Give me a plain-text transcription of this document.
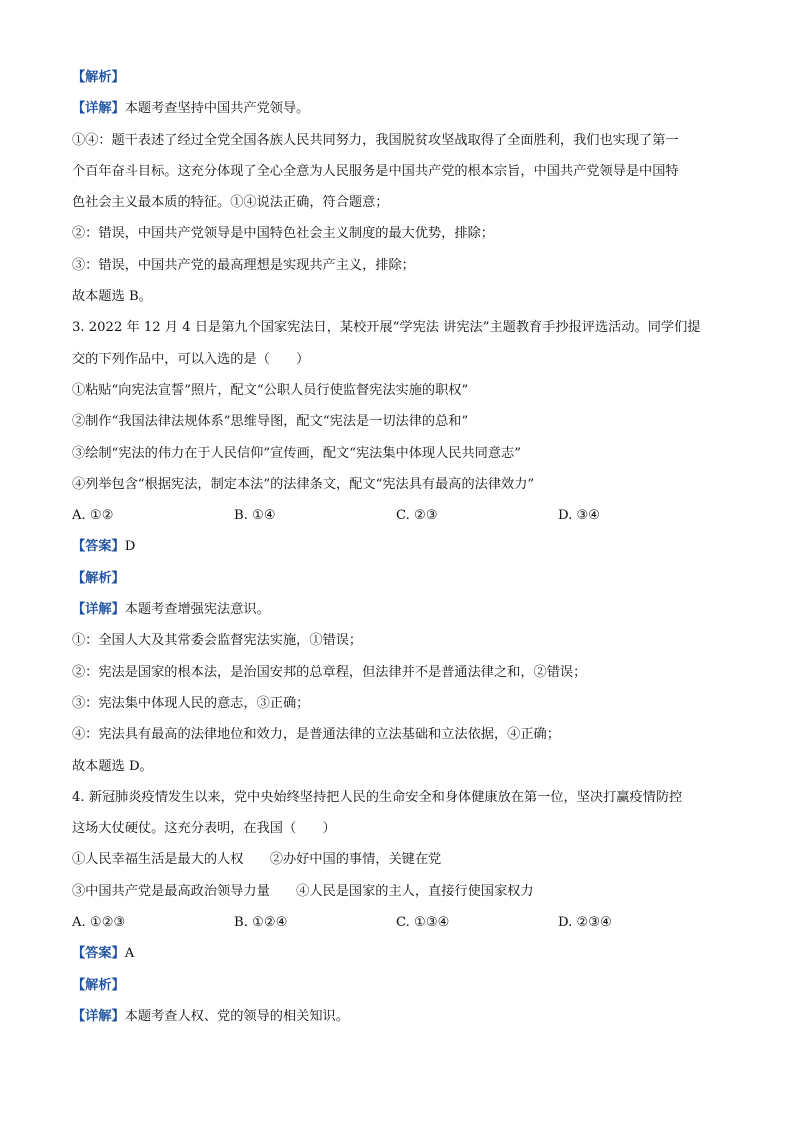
【解析】
【详解】本题考查坚持中国共产党领导。
①④：题干表述了经过全党全国各族人民共同努力，我国脱贫攻坚战取得了全面胜利，我们也实现了第一
个百年奋斗目标。这充分体现了全心全意为人民服务是中国共产党的根本宗旨，中国共产党领导是中国特
色社会主义最本质的特征。①④说法正确，符合题意；
②：错误，中国共产党领导是中国特色社会主义制度的最大优势，排除；
③：错误，中国共产党的最高理想是实现共产主义，排除；
故本题选 B。
3. 2022 年 12 月 4 日是第九个国家宪法日，某校开展“学宪法 讲宪法”主题教育手抄报评选活动。同学们提
交的下列作品中，可以入选的是（　　）
①粘贴“向宪法宣誓”照片，配文“公职人员行使监督宪法实施的职权”
②制作“我国法律法规体系”思维导图，配文“宪法是一切法律的总和”
③绘制“宪法的伟力在于人民信仰”宣传画，配文“宪法集中体现人民共同意志”
④列举包含“根据宪法，制定本法”的法律条文，配文“宪法具有最高的法律效力”
A. ①②	B. ①④	C. ②③	D. ③④
【答案】D
【解析】
【详解】本题考查增强宪法意识。
①：全国人大及其常委会监督宪法实施，①错误；
②：宪法是国家的根本法，是治国安邦的总章程，但法律并不是普通法律之和，②错误；
③：宪法集中体现人民的意志，③正确；
④：宪法具有最高的法律地位和效力，是普通法律的立法基础和立法依据，④正确；
故本题选 D。
4. 新冠肺炎疫情发生以来，党中央始终坚持把人民的生命安全和身体健康放在第一位，坚决打赢疫情防控
这场大仗硬仗。这充分表明，在我国（　　）
①人民幸福生活是最大的人权　　②办好中国的事情，关键在党
③中国共产党是最高政治领导力量　　④人民是国家的主人，直接行使国家权力
A. ①②③	B. ①②④	C. ①③④	D. ②③④
【答案】A
【解析】
【详解】本题考查人权、党的领导的相关知识。
